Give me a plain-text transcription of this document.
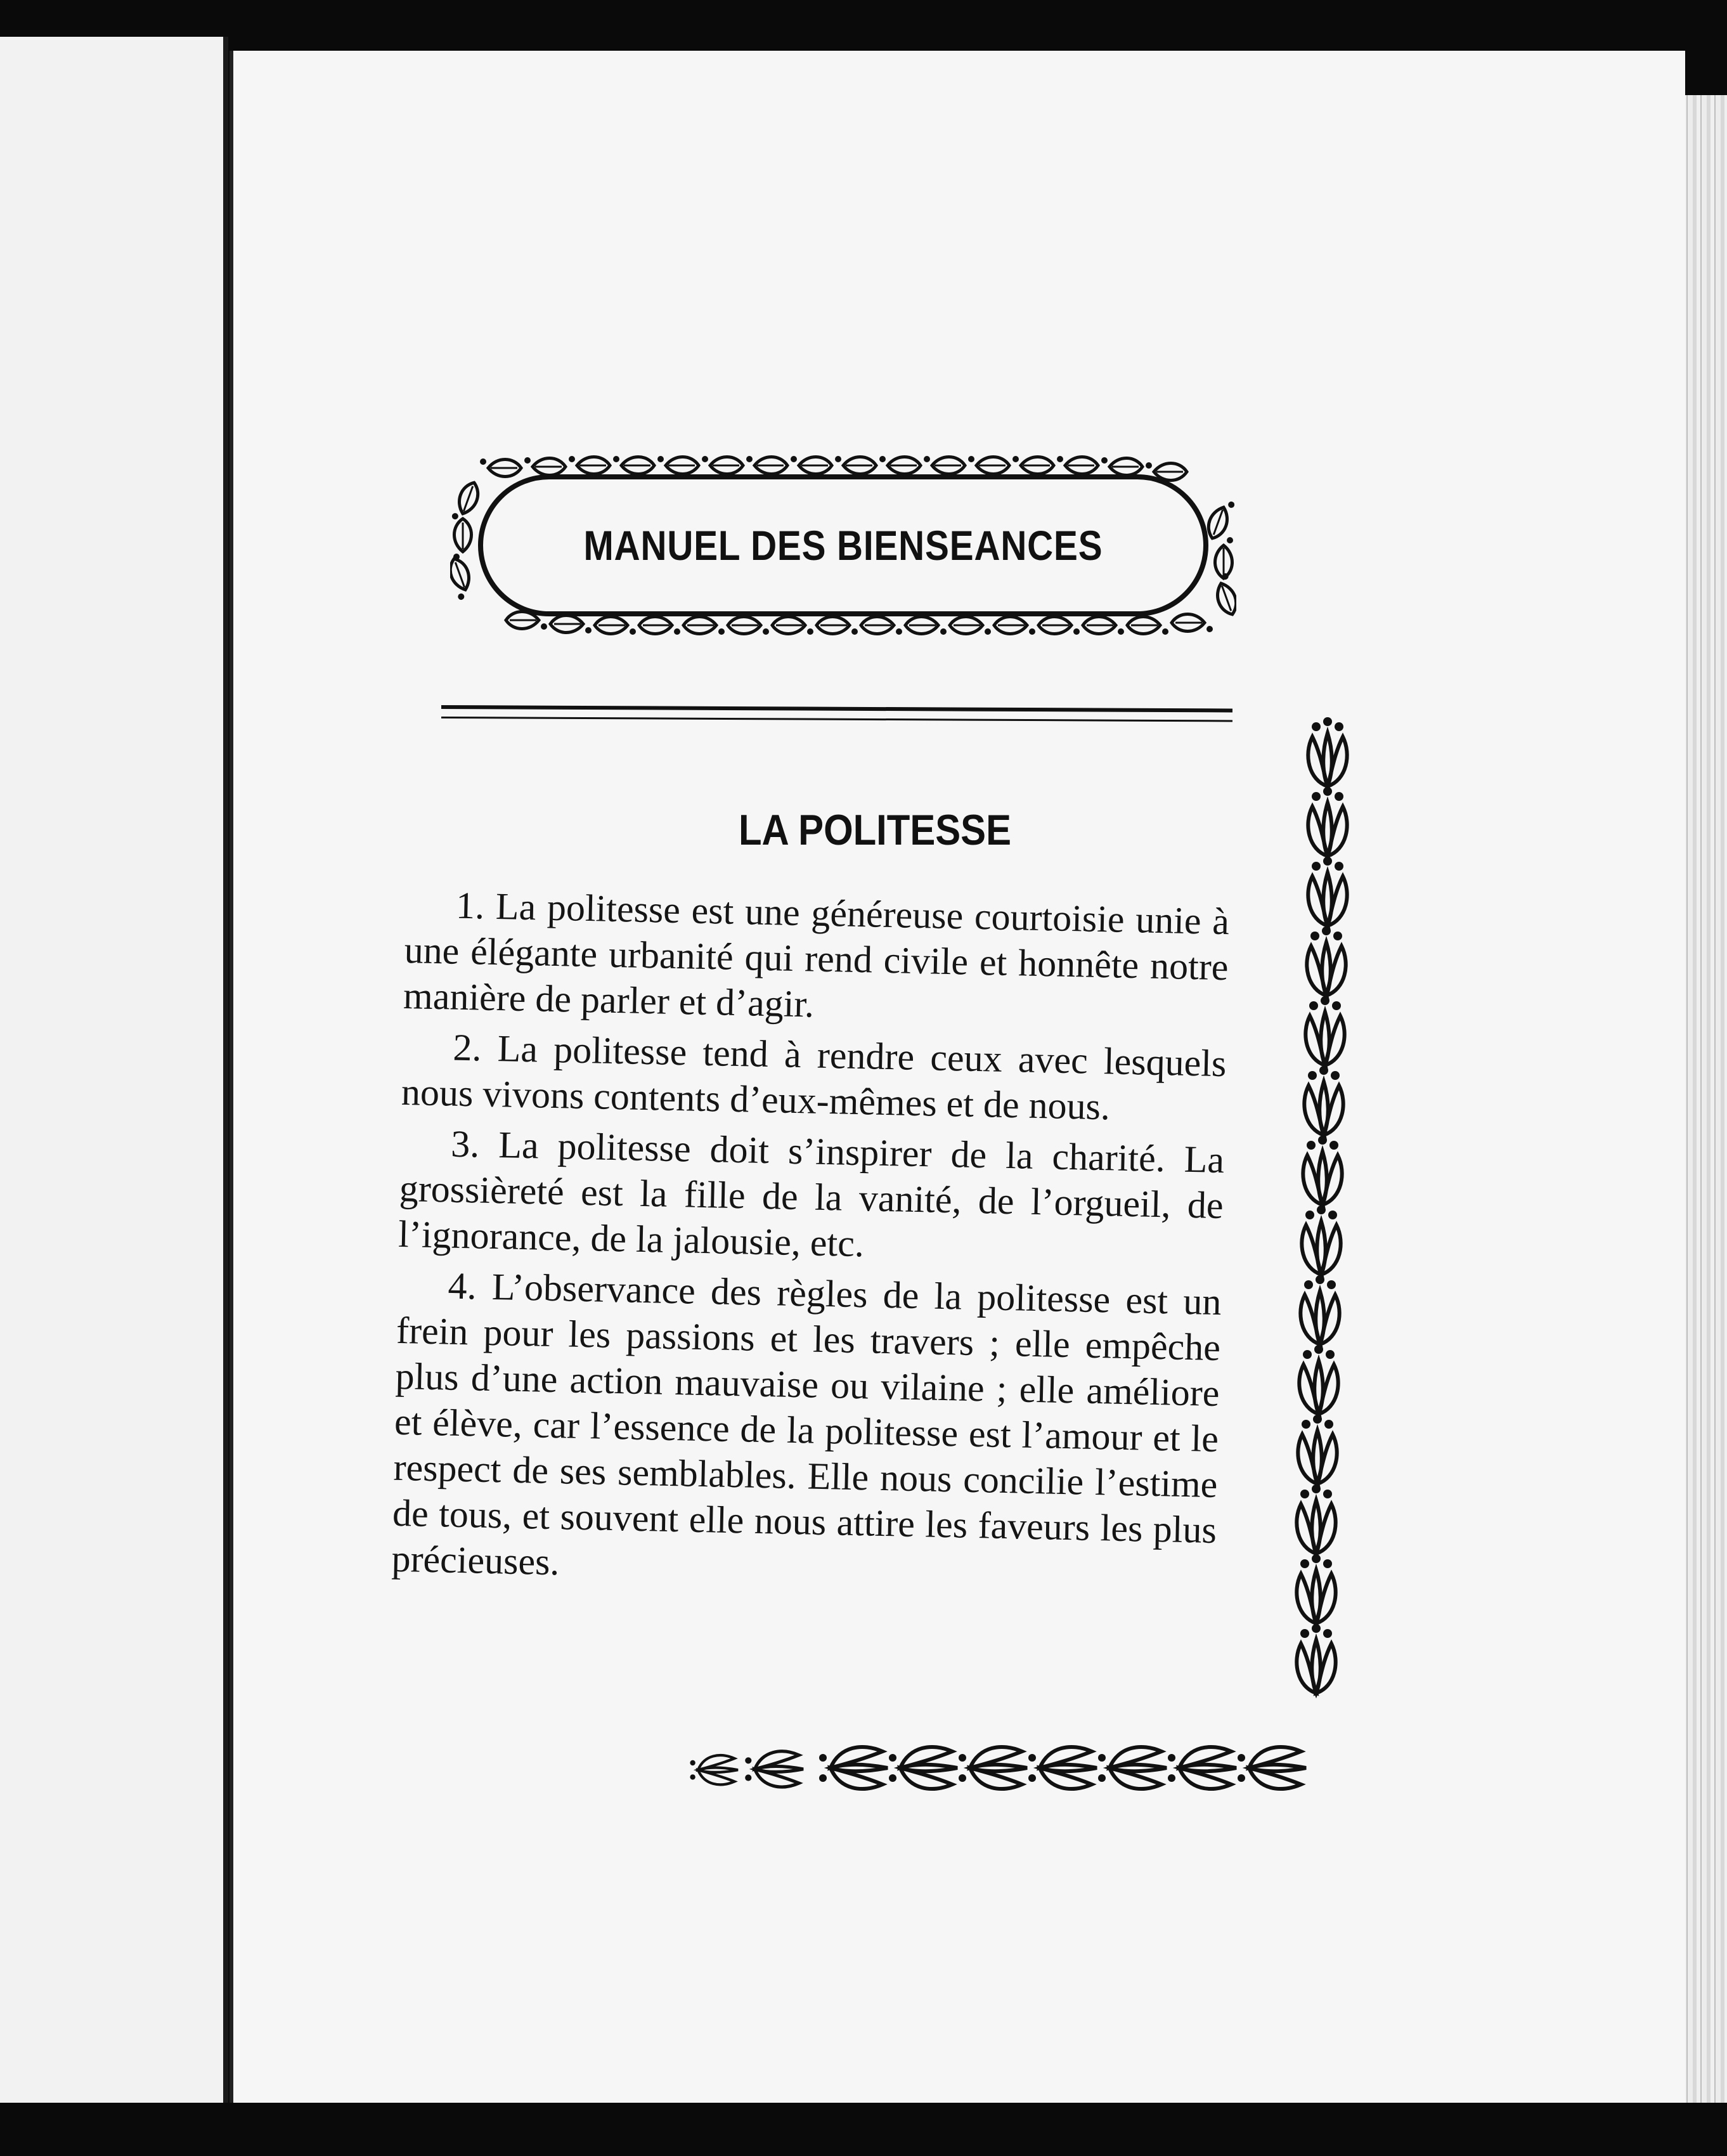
MANUEL DES BIENSEANCES
LA POLITESSE

1. La politesse est une généreuse courtoisie unie à une élégante urbanité qui rend civile et honnête notre manière de parler et d’agir.

2. La politesse tend à rendre ceux avec lesquels nous vivons contents d’eux-mêmes et de nous.

3. La politesse doit s’inspirer de la charité. La grossièreté est la fille de la vanité, de l’orgueil, de l’ignorance, de la jalousie, etc.

4. L’observance des règles de la politesse est un frein pour les passions et les travers ; elle empêche plus d’une action mauvaise ou vilaine ; elle améliore et élève, car l’essence de la politesse est l’amour et le respect de ses semblables. Elle nous concilie l’estime de tous, et souvent elle nous attire les faveurs les plus précieuses.
